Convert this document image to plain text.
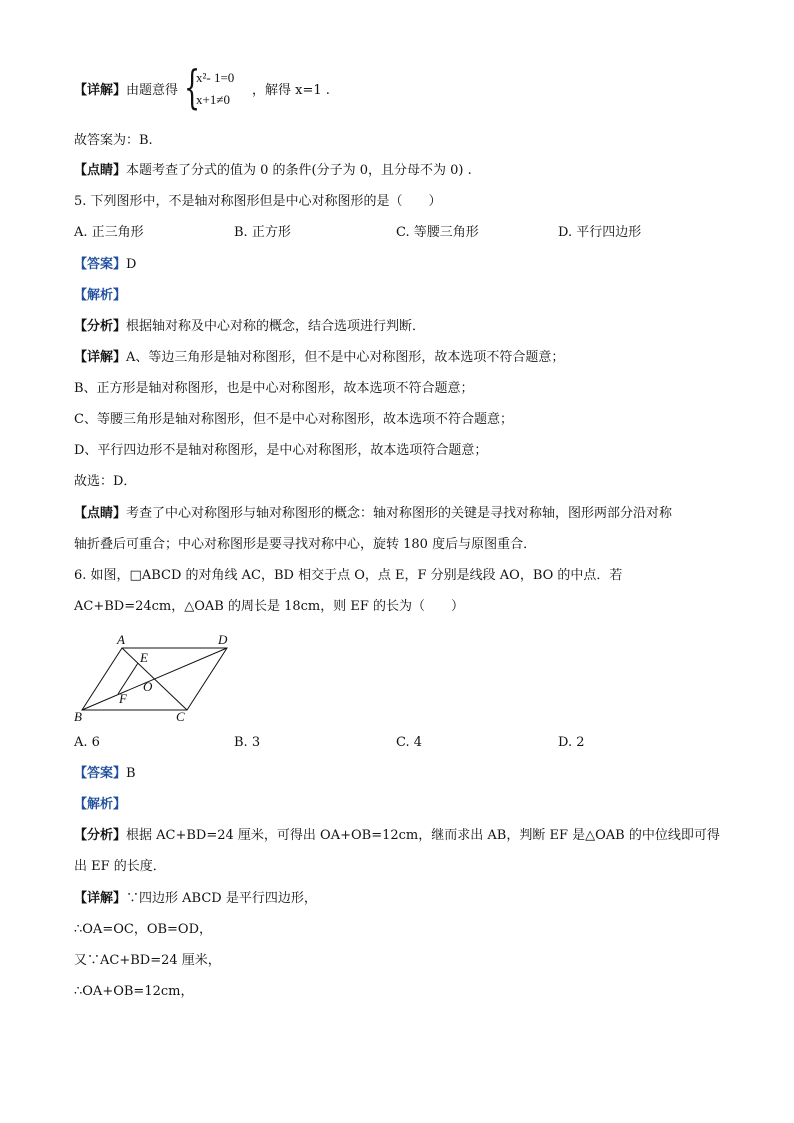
【详解】由题意得 {
x²- 1=0
x+1≠0
，解得 x=1 .
故答案为：B.
【点睛】本题考查了分式的值为 0 的条件(分子为 0，且分母不为 0) .
5. 下列图形中，不是轴对称图形但是中心对称图形的是（　　）
A. 正三角形	B. 正方形	C. 等腰三角形	D. 平行四边形
【答案】D
【解析】
【分析】根据轴对称及中心对称的概念，结合选项进行判断．
【详解】A、等边三角形是轴对称图形，但不是中心对称图形，故本选项不符合题意；
B、正方形是轴对称图形，也是中心对称图形，故本选项不符合题意；
C、等腰三角形是轴对称图形，但不是中心对称图形，故本选项不符合题意；
D、平行四边形不是轴对称图形，是中心对称图形，故本选项符合题意；
故选：D．
【点睛】考查了中心对称图形与轴对称图形的概念：轴对称图形的关键是寻找对称轴，图形两部分沿对称
轴折叠后可重合；中心对称图形是要寻找对称中心，旋转 180 度后与原图重合．
6. 如图，□ABCD 的对角线 AC，BD 相交于点 O，点 E，F 分别是线段 AO，BO 的中点．若
AC+BD=24cm，△OAB 的周长是 18cm，则 EF 的长为（　　）
A	D
E
O
F
B	C
A. 6	B. 3	C. 4	D. 2
【答案】B
【解析】
【分析】根据 AC+BD=24 厘米，可得出 OA+OB=12cm，继而求出 AB，判断 EF 是△OAB 的中位线即可得
出 EF 的长度．
【详解】∵四边形 ABCD 是平行四边形，
∴OA=OC，OB=OD，
又∵AC+BD=24 厘米，
∴OA+OB=12cm，
